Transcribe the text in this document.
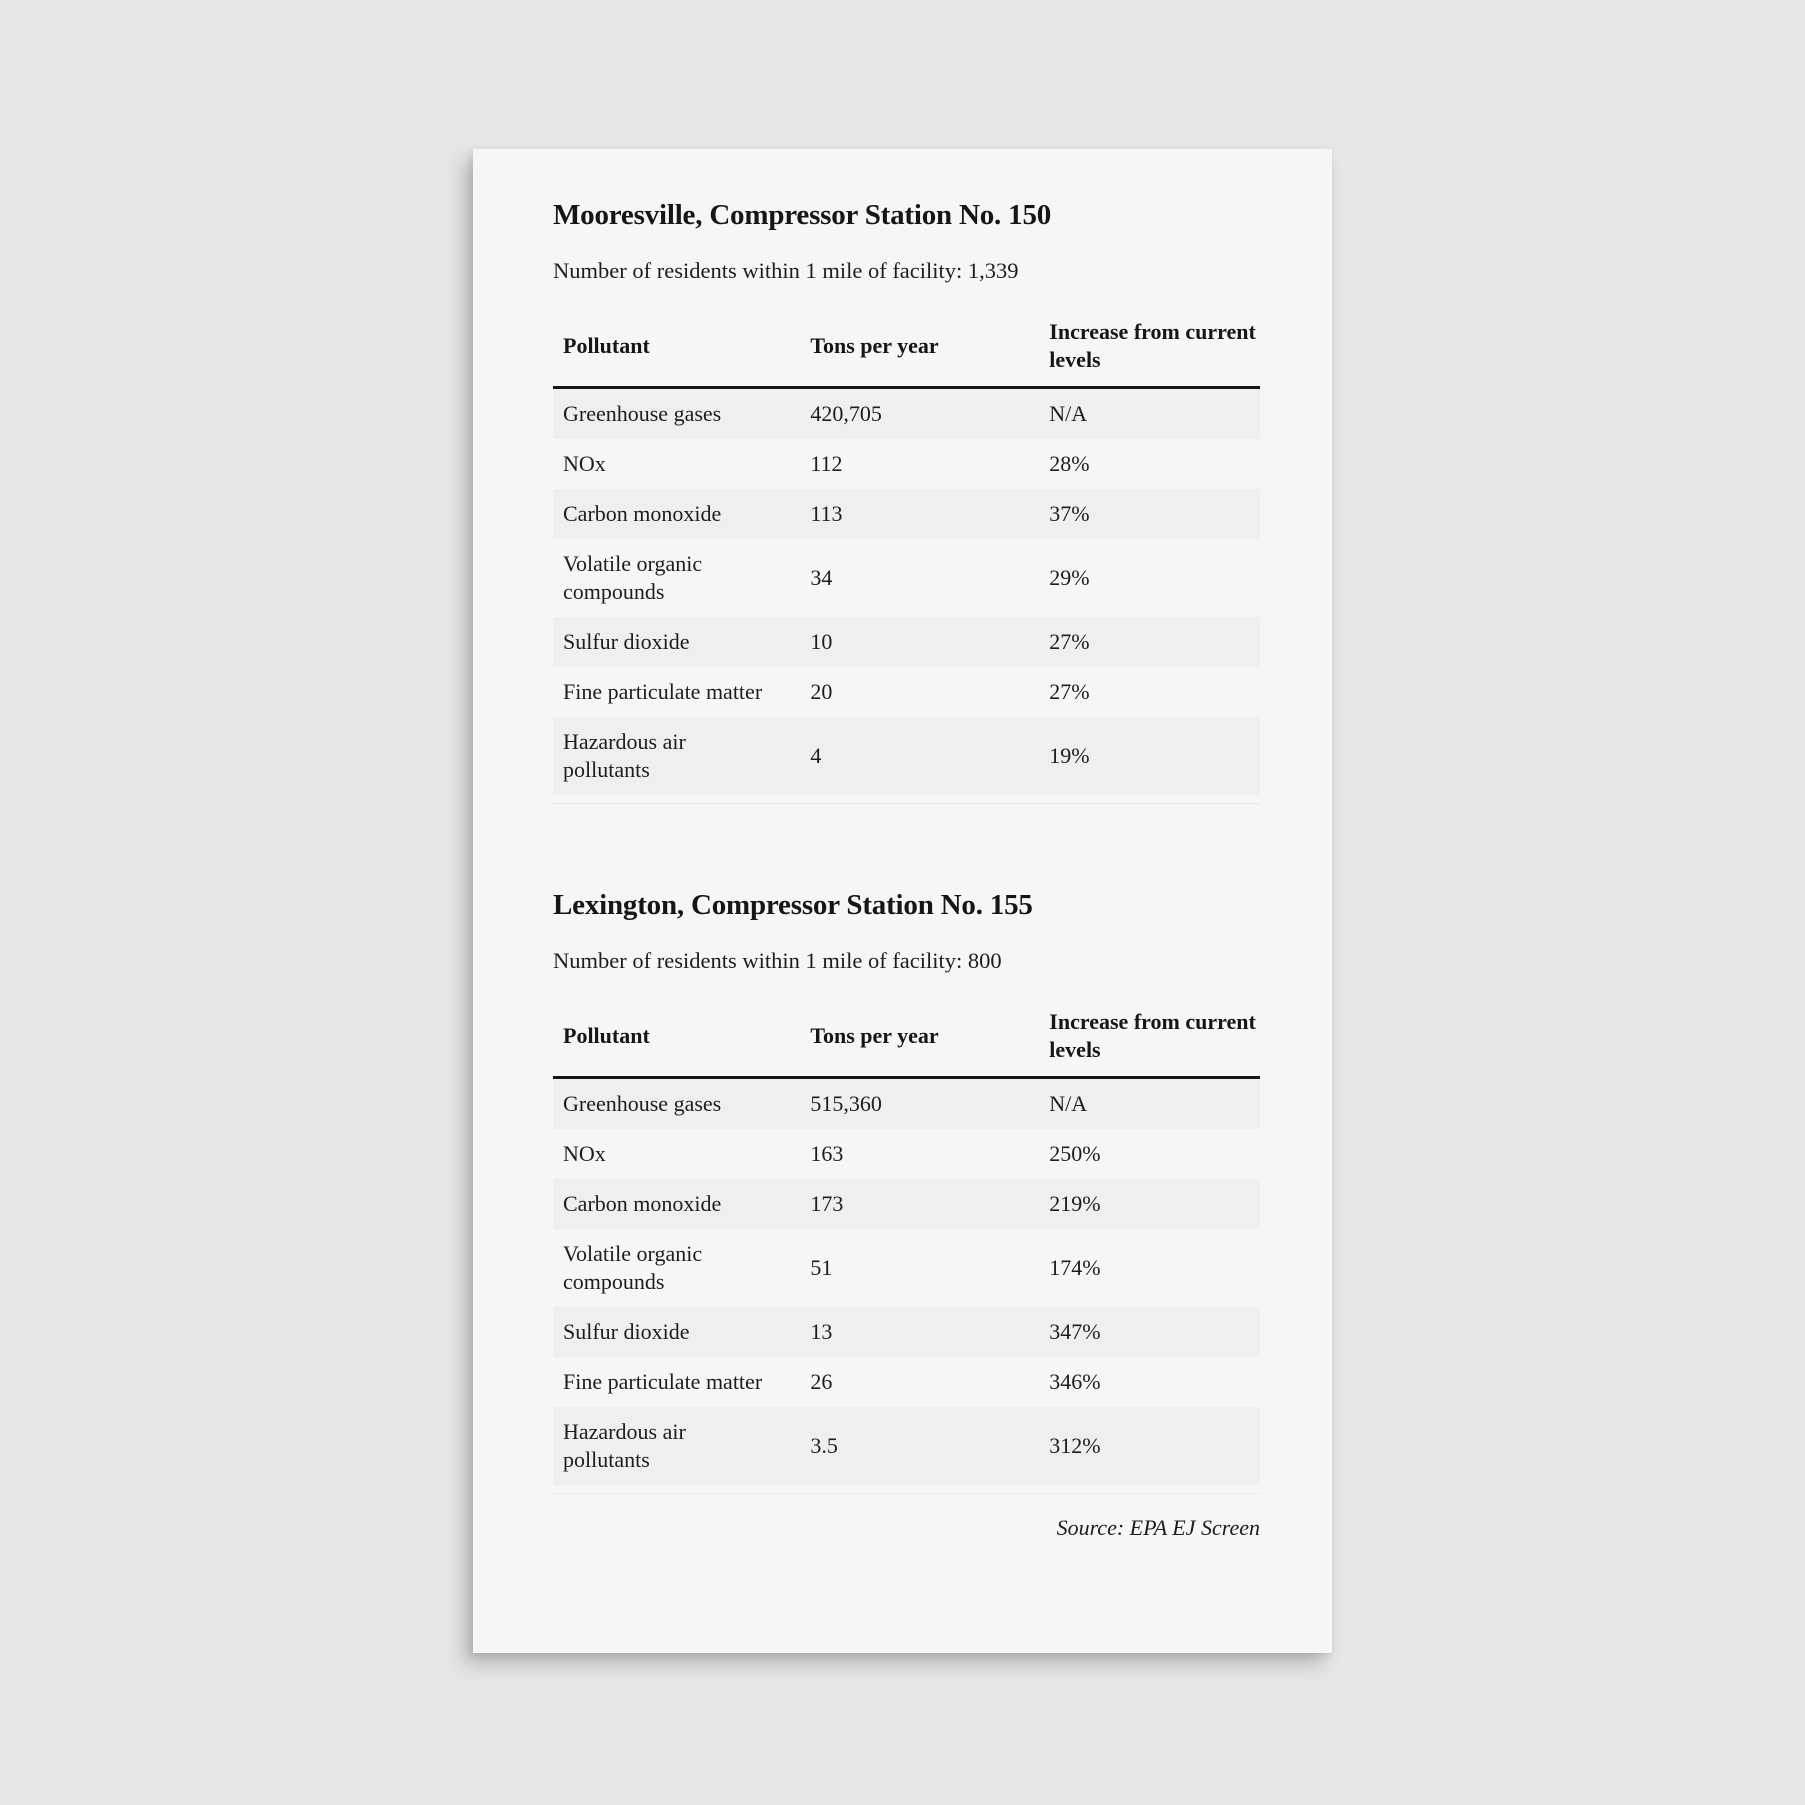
Mooresville, Compressor Station No. 150

Number of residents within 1 mile of facility: 1,339

Pollutant	Tons per year	Increase from current levels
Greenhouse gases	420,705	N/A
NOx	112	28%
Carbon monoxide	113	37%
Volatile organic compounds	34	29%
Sulfur dioxide	10	27%
Fine particulate matter	20	27%
Hazardous air pollutants	4	19%
Lexington, Compressor Station No. 155

Number of residents within 1 mile of facility: 800

Pollutant	Tons per year	Increase from current levels
Greenhouse gases	515,360	N/A
NOx	163	250%
Carbon monoxide	173	219%
Volatile organic compounds	51	174%
Sulfur dioxide	13	347%
Fine particulate matter	26	346%
Hazardous air pollutants	3.5	312%

Source: EPA EJ Screen
